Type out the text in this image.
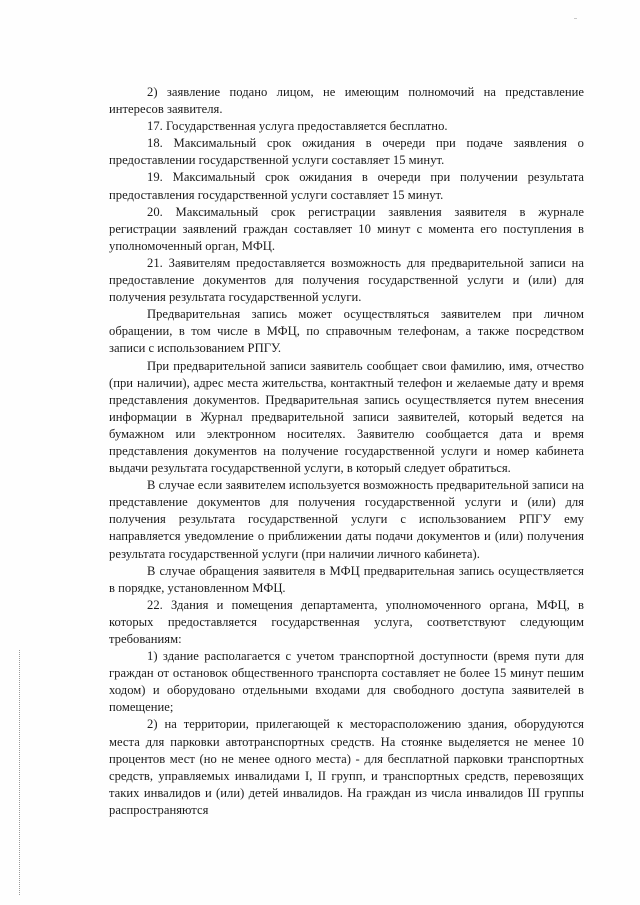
2) заявление подано лицом, не имеющим полномочий на представление интересов заявителя.

17. Государственная услуга предоставляется бесплатно.

18. Максимальный срок ожидания в очереди при подаче заявления о предоставлении государственной услуги составляет 15 минут.

19. Максимальный срок ожидания в очереди при получении результата предоставления государственной услуги составляет 15 минут.

20. Максимальный срок регистрации заявления заявителя в журнале регистрации заявлений граждан составляет 10 минут с момента его поступления в уполномоченный орган, МФЦ.

21. Заявителям предоставляется возможность для предварительной записи на предоставление документов для получения государственной услуги и (или) для получения результата государственной услуги.

Предварительная запись может осуществляться заявителем при личном обращении, в том числе в МФЦ, по справочным телефонам, а также посредством записи с использованием РПГУ.

При предварительной записи заявитель сообщает свои фамилию, имя, отчество (при наличии), адрес места жительства, контактный телефон и желаемые дату и время представления документов. Предварительная запись осуществляется путем внесения информации в Журнал предварительной записи заявителей, который ведется на бумажном или электронном носителях. Заявителю сообщается дата и время представления документов на получение государственной услуги и номер кабинета выдачи результата государственной услуги, в который следует обратиться.

В случае если заявителем используется возможность предварительной записи на представление документов для получения государственной услуги и (или) для получения результата государственной услуги с использованием РПГУ ему направляется уведомление о приближении даты подачи документов и (или) получения результата государственной услуги (при наличии личного кабинета).

В случае обращения заявителя в МФЦ предварительная запись осуществляется в порядке, установленном МФЦ.

22. Здания и помещения департамента, уполномоченного органа, МФЦ, в которых предоставляется государственная услуга, соответствуют следующим требованиям:

1) здание располагается с учетом транспортной доступности (время пути для граждан от остановок общественного транспорта составляет не более 15 минут пешим ходом) и оборудовано отдельными входами для свободного доступа заявителей в помещение;

2) на территории, прилегающей к месторасположению здания, оборудуются места для парковки автотранспортных средств. На стоянке выделяется не менее 10 процентов мест (но не менее одного места) - для бесплатной парковки транспортных средств, управляемых инвалидами I, II групп, и транспортных средств, перевозящих таких инвалидов и (или) детей инвалидов. На граждан из числа инвалидов III группы распространяются
